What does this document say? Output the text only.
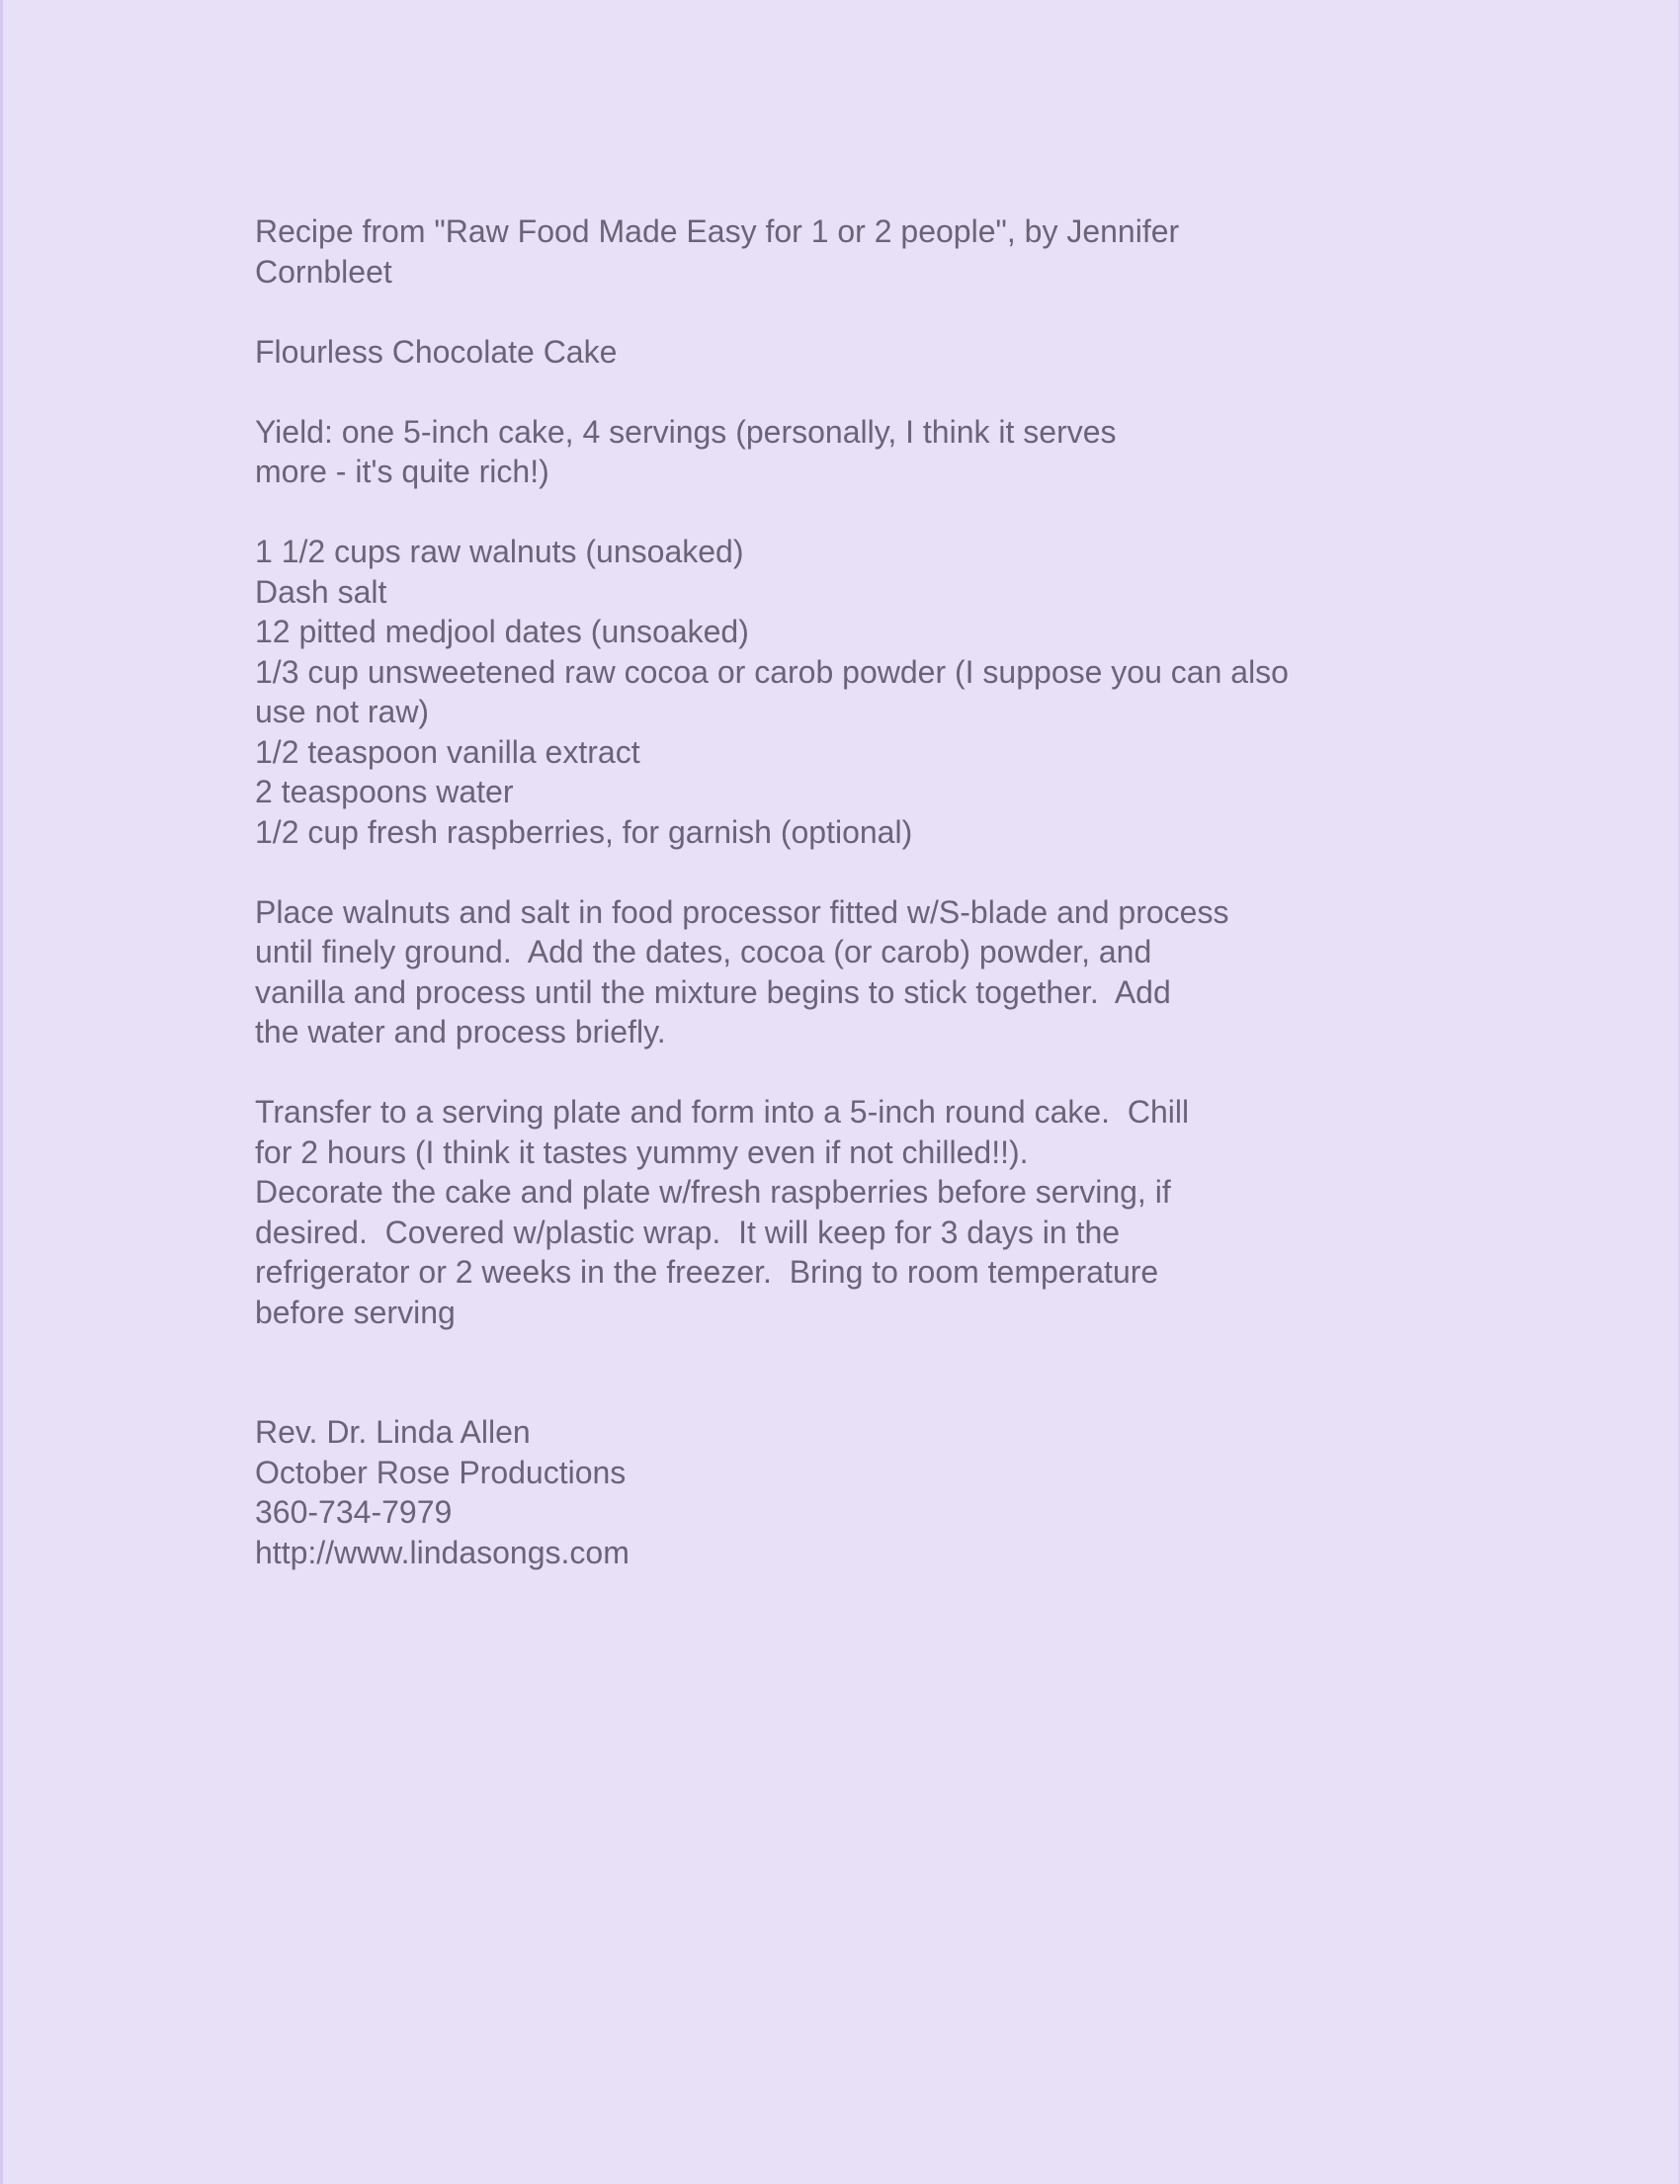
Recipe from "Raw Food Made Easy for 1 or 2 people", by Jennifer
Cornbleet
Flourless Chocolate Cake
Yield: one 5-inch cake, 4 servings (personally, I think it serves
more - it's quite rich!)
1 1/2 cups raw walnuts (unsoaked)
Dash salt
12 pitted medjool dates (unsoaked)
1/3 cup unsweetened raw cocoa or carob powder (I suppose you can also
use not raw)
1/2 teaspoon vanilla extract
2 teaspoons water
1/2 cup fresh raspberries, for garnish (optional)
Place walnuts and salt in food processor fitted w/S-blade and process
until finely ground.  Add the dates, cocoa (or carob) powder, and
vanilla and process until the mixture begins to stick together.  Add
the water and process briefly.
Transfer to a serving plate and form into a 5-inch round cake.  Chill
for 2 hours (I think it tastes yummy even if not chilled!!).
Decorate the cake and plate w/fresh raspberries before serving, if
desired.  Covered w/plastic wrap.  It will keep for 3 days in the
refrigerator or 2 weeks in the freezer.  Bring to room temperature
before serving
Rev. Dr. Linda Allen
October Rose Productions
360-734-7979
http://www.lindasongs.com
